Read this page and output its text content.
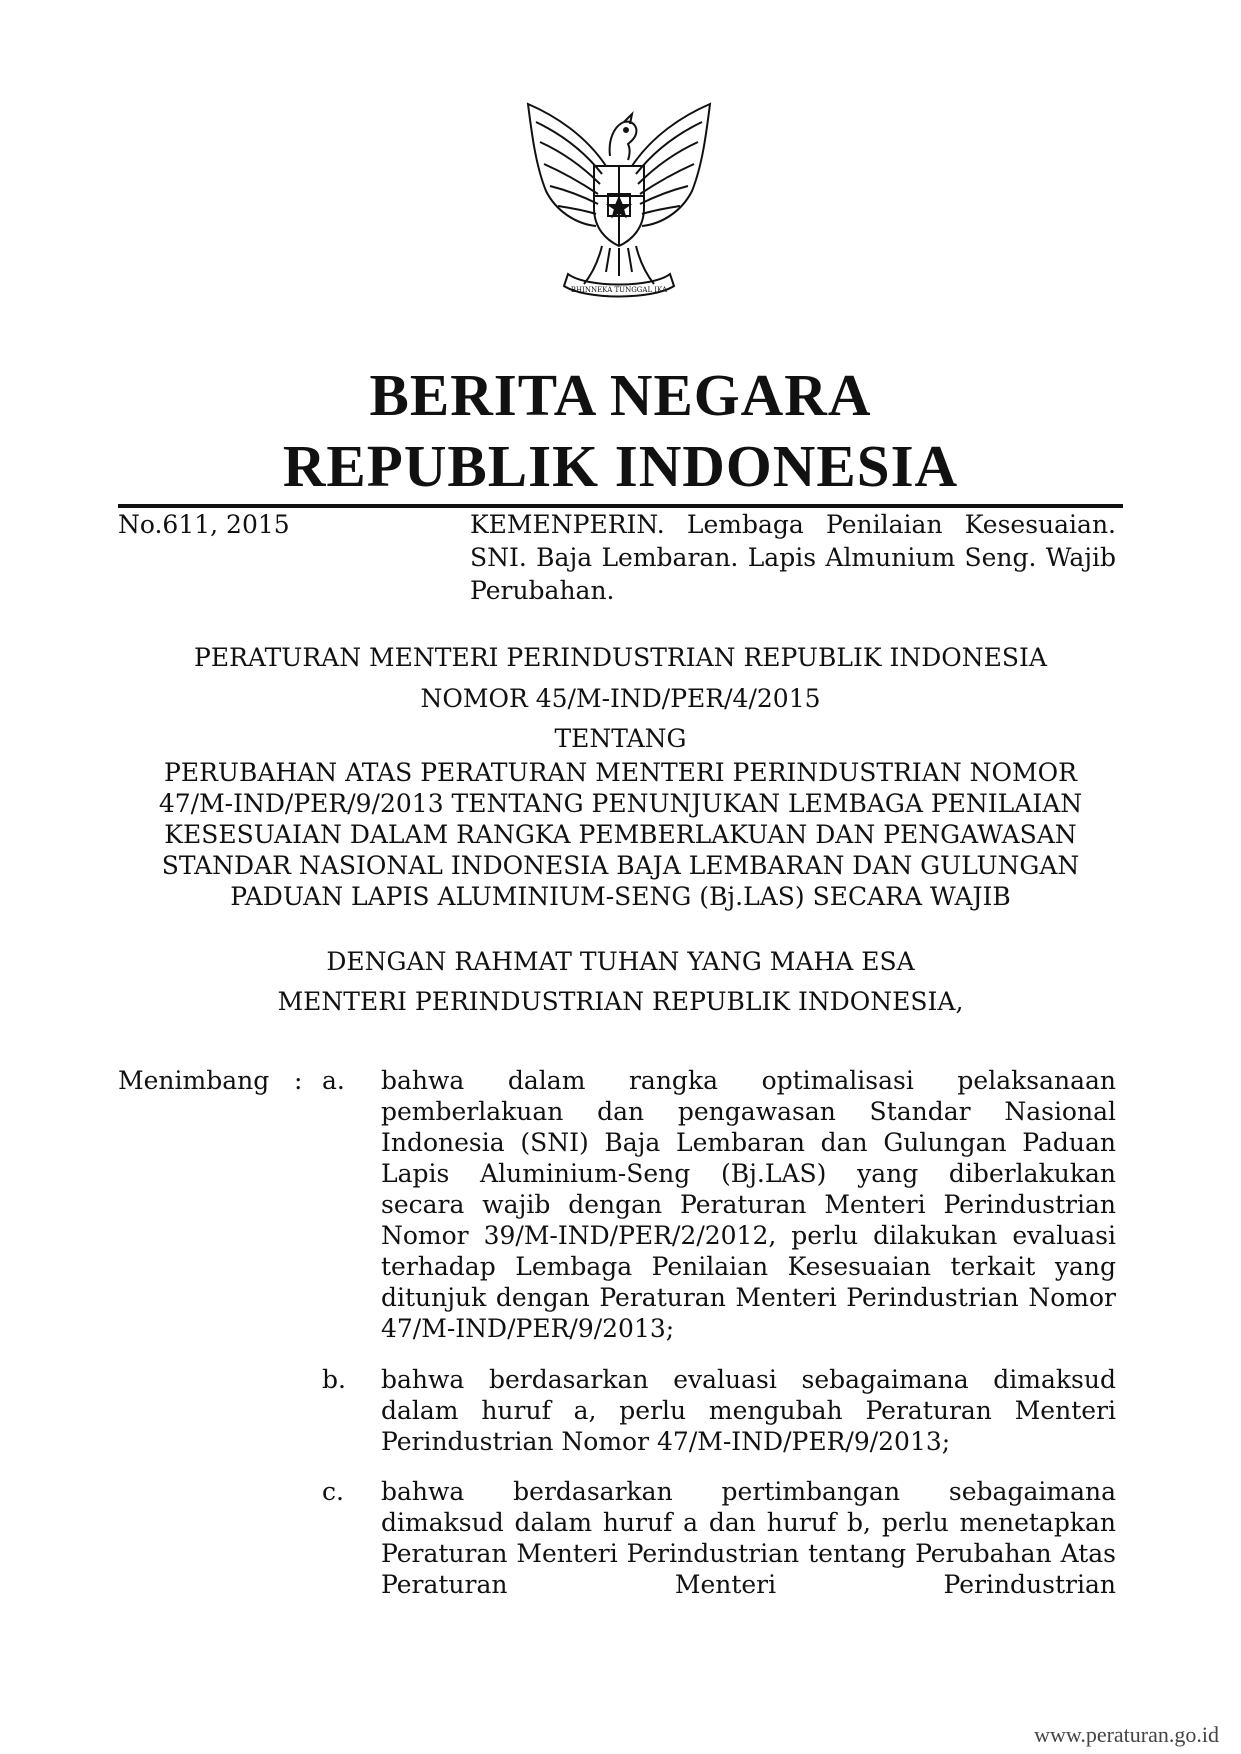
BHINNEKA TUNGGAL IKA
BERITA NEGARA
REPUBLIK INDONESIA
No.611, 2015	KEMENPERIN. Lembaga Penilaian Kesesuaian. SNI. Baja Lembaran. Lapis Almunium Seng. Wajib Perubahan.
PERATURAN MENTERI PERINDUSTRIAN REPUBLIK INDONESIA
NOMOR 45/M-IND/PER/4/2015
TENTANG
PERUBAHAN ATAS PERATURAN MENTERI PERINDUSTRIAN NOMOR 47/M-IND/PER/9/2013 TENTANG PENUNJUKAN LEMBAGA PENILAIAN KESESUAIAN DALAM RANGKA PEMBERLAKUAN DAN PENGAWASAN STANDAR NASIONAL INDONESIA BAJA LEMBARAN DAN GULUNGAN PADUAN LAPIS ALUMINIUM-SENG (Bj.LAS) SECARA WAJIB
DENGAN RAHMAT TUHAN YANG MAHA ESA
MENTERI PERINDUSTRIAN REPUBLIK INDONESIA,
Menimbang : a. bahwa dalam rangka optimalisasi pelaksanaan pemberlakuan dan pengawasan Standar Nasional Indonesia (SNI) Baja Lembaran dan Gulungan Paduan Lapis Aluminium-Seng (Bj.LAS) yang diberlakukan secara wajib dengan Peraturan Menteri Perindustrian Nomor 39/M-IND/PER/2/2012, perlu dilakukan evaluasi terhadap Lembaga Penilaian Kesesuaian terkait yang ditunjuk dengan Peraturan Menteri Perindustrian Nomor 47/M-IND/PER/9/2013;
b. bahwa berdasarkan evaluasi sebagaimana dimaksud dalam huruf a, perlu mengubah Peraturan Menteri Perindustrian Nomor 47/M-IND/PER/9/2013;
c. bahwa berdasarkan pertimbangan sebagaimana dimaksud dalam huruf a dan huruf b, perlu menetapkan Peraturan Menteri Perindustrian tentang Perubahan Atas Peraturan Menteri Perindustrian
www.peraturan.go.id
